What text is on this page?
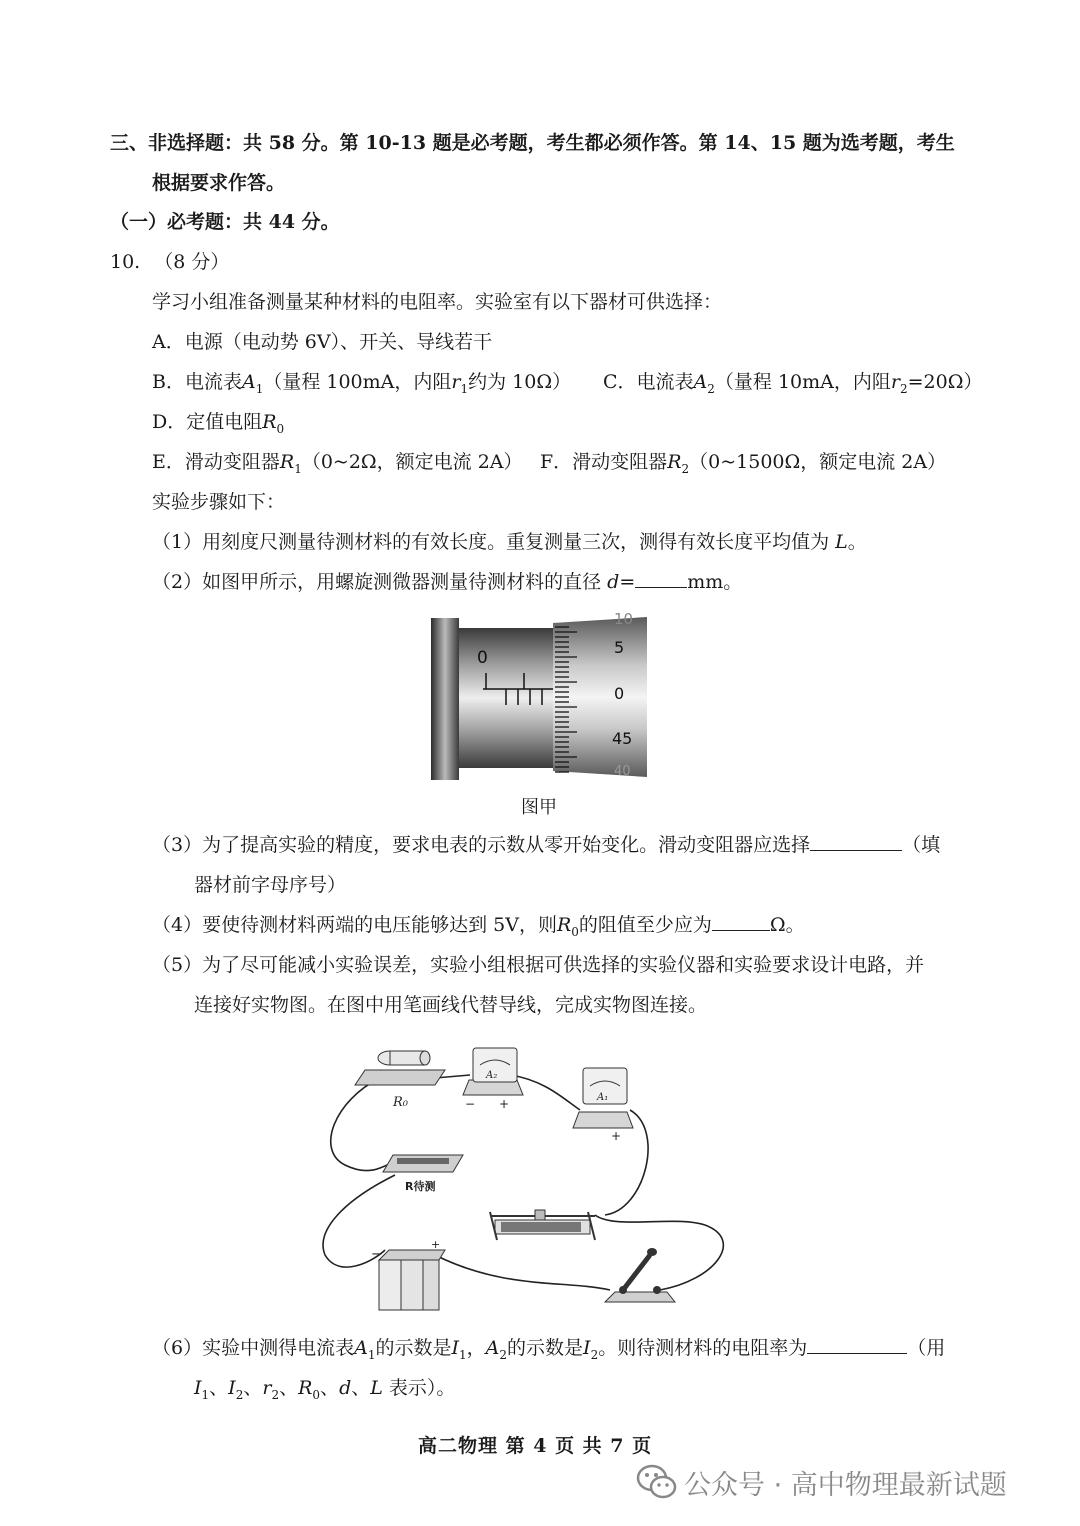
三、非选择题：共 58 分。第 10-13 题是必考题，考生都必须作答。第 14、15 题为选考题，考生
根据要求作答。
（一）必考题：共 44 分。
10. （8 分）
学习小组准备测量某种材料的电阻率。实验室有以下器材可供选择：
A．电源（电动势 6V）、开关、导线若干
B．电流表$A_1$（量程 100mA，内阻$r_1$约为 10Ω） C．电流表$A_2$（量程 10mA，内阻$r_2=20\Omega$）
D．定值电阻$R_0$
E．滑动变阻器$R_1(0\sim 2\Omega$，额定电流 2A） F．滑动变阻器$R_2(0\sim 1500\Omega$，额定电流 2A）
实验步骤如下：
（1）用刻度尺测量待测材料的有效长度。重复测量三次，测得有效长度平均值为 L。
（2）如图甲所示，用螺旋测微器测量待测材料的直径 d=	mm。
0
10
5
0
45
40
图甲
（3）为了提高实验的精度，要求电表的示数从零开始变化。滑动变阻器应选择	（填
器材前字母序号）
（4）要使待测材料两端的电压能够达到 5V，则$R_0$的阻值至少应为	Ω。
（5）为了尽可能减小实验误差，实验小组根据可供选择的实验仪器和实验要求设计电路，并
连接好实物图。在图中用笔画线代替导线，完成实物图连接。
R₀
A₂
− +	A₁
+
R待测
−
+
（6）实验中测得电流表$A_1$的示数是$I_1$，$A_2$的示数是$I_2$。则待测材料的电阻率为	（用
$I_1$、$I_2$、$r_2$、$R_0$、d、L 表示）。
高二物理 第 4 页 共 7 页
公众号 · 高中物理最新试题
